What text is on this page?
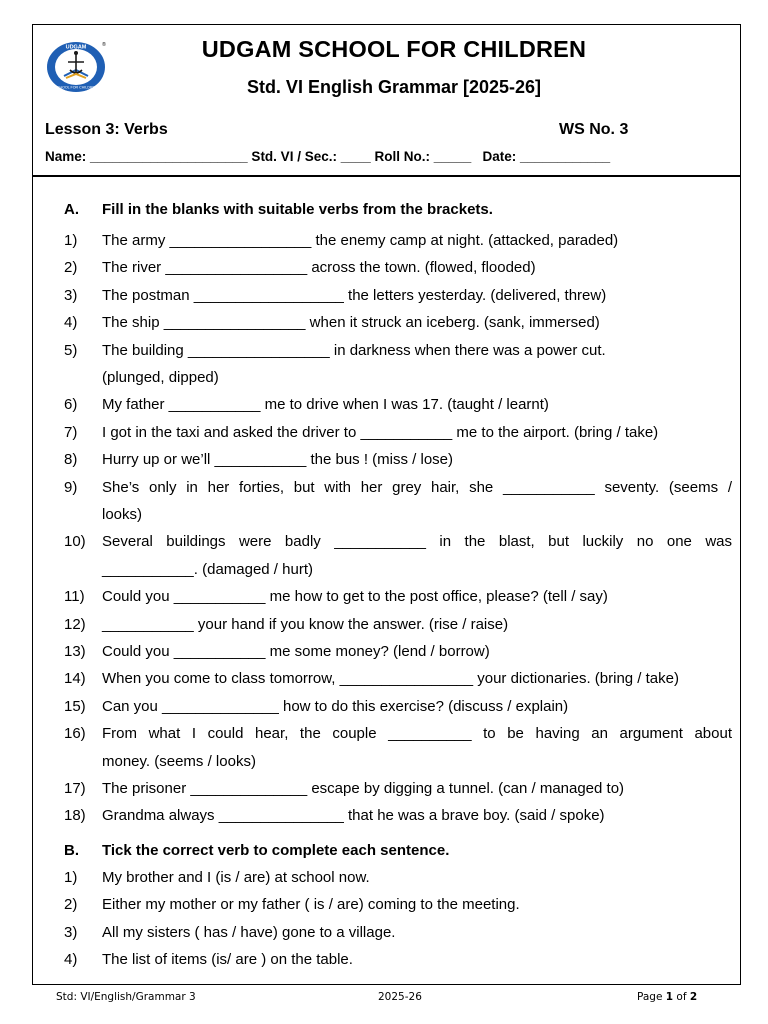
UDGAM
SCHOOL FOR CHILDREN
®	UDGAM SCHOOL FOR CHILDREN
Std. VI English Grammar [2025-26]
Lesson 3: Verbs	WS No. 3
Name: _____________________ Std. VI / Sec.: ____ Roll No.: _____   Date: ____________
A. Fill in the blanks with suitable verbs from the brackets.
1)	The army _________________ the enemy camp at night. (attacked, paraded)
2)	The river _________________ across the town. (flowed, flooded)
3)	The postman __________________ the letters yesterday. (delivered, threw)
4)	The ship _________________ when it struck an iceberg. (sank, immersed)
5)	The building _________________ in darkness when there was a power cut.
(plunged, dipped)
6)	My father ___________ me to drive when I was 17. (taught / learnt)
7)	I got in the taxi and asked the driver to ___________ me to the airport. (bring / take)
8)	Hurry up or we’ll ___________ the bus ! (miss / lose)
9)	She’s only in her forties, but with her grey hair, she ___________ seventy. (seems /
looks)
10)	Several buildings were badly ___________ in the blast, but luckily no one was
___________. (damaged / hurt)
11)	Could you ___________ me how to get to the post office, please? (tell / say)
12)	___________ your hand if you know the answer. (rise / raise)
13)	Could you ___________ me some money? (lend / borrow)
14)	When you come to class tomorrow, ________________ your dictionaries. (bring / take)
15)	Can you ______________ how to do this exercise? (discuss / explain)
16)	From what I could hear, the couple __________ to be having an argument about
money. (seems / looks)
17)	The prisoner ______________ escape by digging a tunnel. (can / managed to)
18)	Grandma always _______________ that he was a brave boy. (said / spoke)
B. Tick the correct verb to complete each sentence.
1)	My brother and I (is / are) at school now.
2)	Either my mother or my father ( is / are) coming to the meeting.
3)	All my sisters ( has / have) gone to a village.
4)	The list of items (is/ are ) on the table.
Std: VI/English/Grammar 3	2025-26	Page 1 of 2
